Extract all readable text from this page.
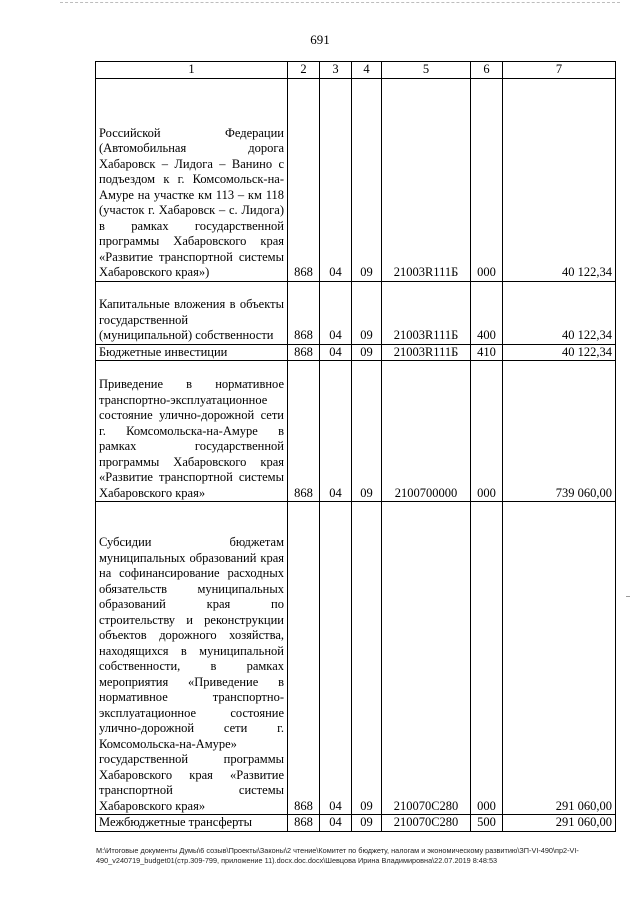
691
1	2	3	4	5	6	7
Российской Федерации (Автомобильная дорога Хабаровск – Лидога – Ванино с подъездом к г. Комсомольск-на-Амуре на участке км 113 – км 118 (участок г. Хабаровск – с. Лидога) в рамках государственной программы Хабаровского края «Развитие транспортной системы Хабаровского края»)	868	04	09	21003R111Б	000	40 122,34
Капитальные вложения в объекты государственной (муниципальной) собственности	868	04	09	21003R111Б	400	40 122,34
Бюджетные инвестиции	868	04	09	21003R111Б	410	40 122,34
Приведение в нормативное транспортно-эксплуатационное состояние улично-дорожной сети г. Комсомольска-на-Амуре в рамках государственной программы Хабаровского края «Развитие транспортной системы Хабаровского края»	868	04	09	2100700000	000	739 060,00
Субсидии бюджетам муниципальных образований края на софинансирование расходных обязательств муниципальных образований края по строительству и реконструкции объектов дорожного хозяйства, находящихся в муниципальной собственности, в рамках мероприятия «Приведение в нормативное транспортно-эксплуатационное состояние улично-дорожной сети г. Комсомольска-на-Амуре» государственной программы Хабаровского края «Развитие транспортной системы Хабаровского края»	868	04	09	210070С280	000	291 060,00
Межбюджетные трансферты	868	04	09	210070С280	500	291 060,00
M:\Итоговые документы Думы\6 созыв\Проекты\Законы\2 чтение\Комитет по бюджету, налогам и экономическому развитию\ЗП-VI-490\пр2-VI-490_v240719_budget01(стр.309-799, приложение 11).docx.doc.docx\Шевцова Ирина Владимировна\22.07.2019 8:48:53
